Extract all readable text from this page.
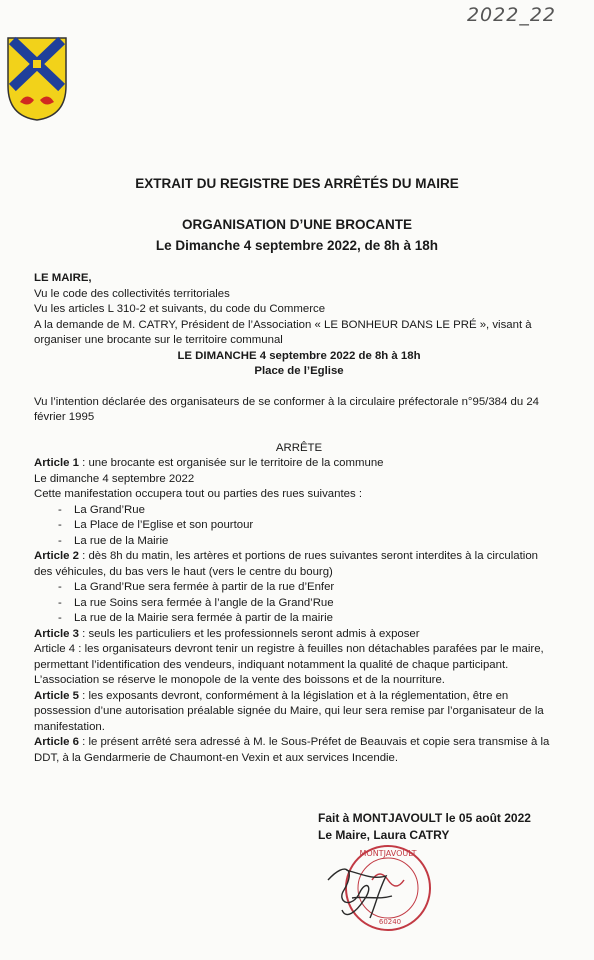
2022_22
EXTRAIT DU REGISTRE DES ARRÊTÉS DU MAIRE
ORGANISATION D’UNE BROCANTE
Le Dimanche 4 septembre 2022, de 8h à 18h

LE MAIRE,

Vu le code des collectivités territoriales

Vu les articles L 310-2 et suivants, du code du Commerce

A la demande de M. CATRY, Président de l’Association « LE BONHEUR DANS LE PRÉ », visant à

organiser une brocante sur le territoire communal

LE DIMANCHE 4 septembre 2022 de 8h à 18h

Place de l’Eglise

Vu l’intention déclarée des organisateurs de se conformer à la circulaire préfectorale n°95/384 du 24

février 1995

ARRÊTE

Article 1 : une brocante est organisée sur le territoire de la commune

Le dimanche 4 septembre 2022

Cette manifestation occupera tout ou parties des rues suivantes :

- La Grand’Rue
- La Place de l’Eglise et son pourtour
- La rue de la Mairie

Article 2 : dès 8h du matin, les artères et portions de rues suivantes seront interdites à la circulation

des véhicules, du bas vers le haut (vers le centre du bourg)

- La Grand’Rue sera fermée à partir de la rue d’Enfer
- La rue Soins sera fermée à l’angle de la Grand’Rue
- La rue de la Mairie sera fermée à partir de la mairie

Article 3 : seuls les particuliers et les professionnels seront admis à exposer

Article 4 : les organisateurs devront tenir un registre à feuilles non détachables parafées par le maire,

permettant l’identification des vendeurs, indiquant notamment la qualité de chaque participant.

L’association se réserve le monopole de la vente des boissons et de la nourriture.

Article 5 : les exposants devront, conformément à la législation et à la réglementation, être en

possession d’une autorisation préalable signée du Maire, qui leur sera remise par l’organisateur de la

manifestation.

Article 6 : le présent arrêté sera adressé à M. le Sous-Préfet de Beauvais et copie sera transmise à la

DDT, à la Gendarmerie de Chaumont-en Vexin et aux services Incendie.

Fait à MONTJAVOULT le 05 août 2022
Le Maire, Laura CATRY
MONTJAVOULT
60240
